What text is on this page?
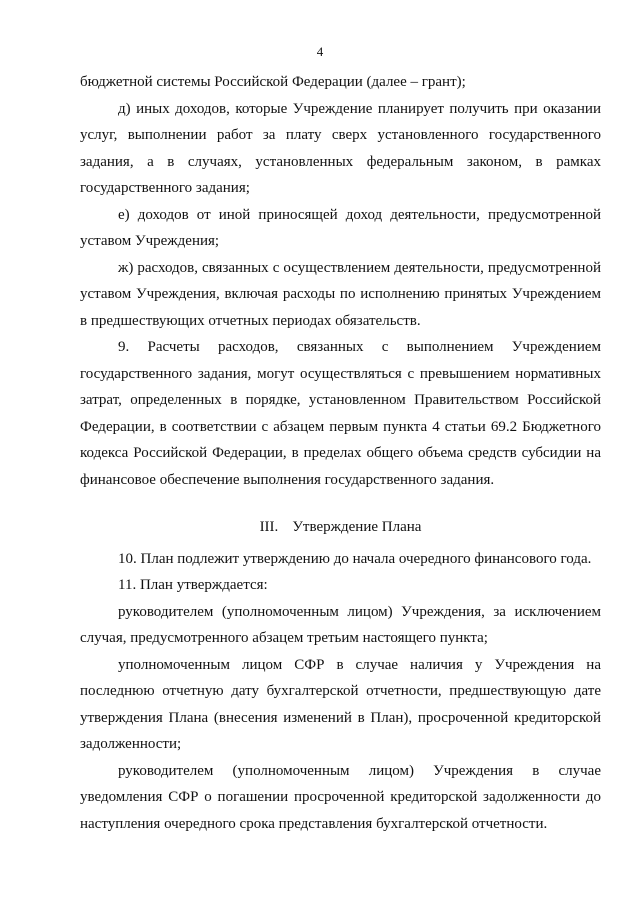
4

бюджетной системы Российской Федерации (далее – грант);

д) иных доходов, которые Учреждение планирует получить при оказании услуг, выполнении работ за плату сверх установленного государственного задания, а в случаях, установленных федеральным законом, в рамках государственного задания;

е) доходов от иной приносящей доход деятельности, предусмотренной уставом Учреждения;

ж) расходов, связанных с осуществлением деятельности, предусмотренной уставом Учреждения, включая расходы по исполнению принятых Учреждением в предшествующих отчетных периодах обязательств.

9. Расчеты расходов, связанных с выполнением Учреждением государственного задания, могут осуществляться с превышением нормативных затрат, определенных в порядке, установленном Правительством Российской Федерации, в соответствии с абзацем первым пункта 4 статьи 69.2 Бюджетного кодекса Российской Федерации, в пределах общего объема средств субсидии на финансовое обеспечение выполнения государственного задания.

III. Утверждение Плана

10. План подлежит утверждению до начала очередного финансового года.

11. План утверждается:

руководителем (уполномоченным лицом) Учреждения, за исключением случая, предусмотренного абзацем третьим настоящего пункта;

уполномоченным лицом СФР в случае наличия у Учреждения на последнюю отчетную дату бухгалтерской отчетности, предшествующую дате утверждения Плана (внесения изменений в План), просроченной кредиторской задолженности;

руководителем (уполномоченным лицом) Учреждения в случае уведомления СФР о погашении просроченной кредиторской задолженности до наступления очередного срока представления бухгалтерской отчетности.
